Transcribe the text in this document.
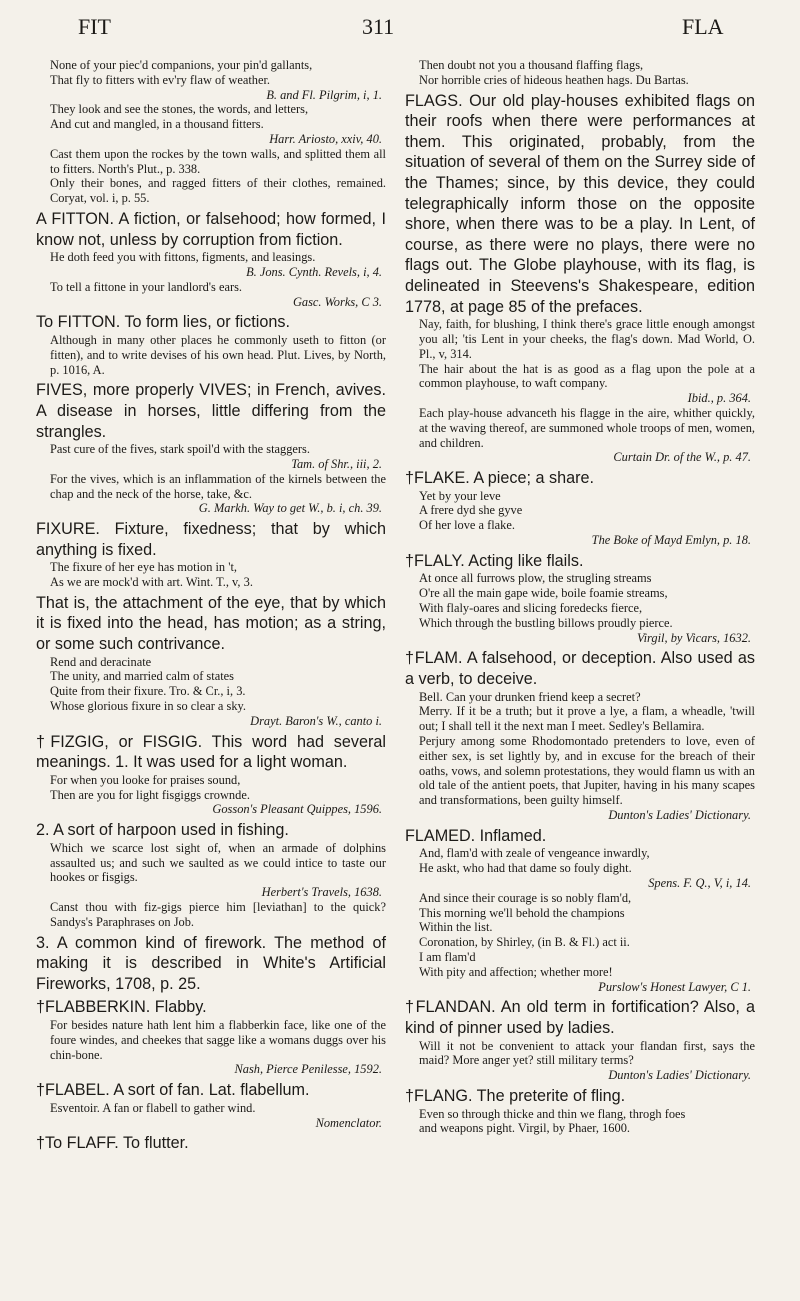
FIT	311	FLA
None of your piec'd companions, your pin'd gallants,
That fly to fitters with ev'ry flaw of weather.
B. and Fl. Pilgrim, i, 1.
They look and see the stones, the words, and letters,
And cut and mangled, in a thousand fitters.
Harr. Ariosto, xxiv, 40.
Cast them upon the rockes by the town walls, and splitted them all to fitters. North's Plut., p. 338.
Only their bones, and ragged fitters of their clothes, remained. Coryat, vol. i, p. 55.
A FITTON. A fiction, or falsehood; how formed, I know not, unless by corruption from fiction.
He doth feed you with fittons, figments, and leasings.
B. Jons. Cynth. Revels, i, 4.
To tell a fittone in your landlord's ears.
Gasc. Works, C 3.
To FITTON. To form lies, or fictions.
Although in many other places he commonly useth to fitton (or fitten), and to write devises of his own head. Plut. Lives, by North, p. 1016, A.
FIVES, more properly VIVES; in French, avives. A disease in horses, little differing from the strangles.
Past cure of the fives, stark spoil'd with the staggers.
Tam. of Shr., iii, 2.
For the vives, which is an inflammation of the kirnels between the chap and the neck of the horse, take, &c.
G. Markh. Way to get W., b. i, ch. 39.
FIXURE. Fixture, fixedness; that by which anything is fixed.
The fixure of her eye has motion in 't,
As we are mock'd with art. Wint. T., v, 3.
That is, the attachment of the eye, that by which it is fixed into the head, has motion; as a string, or some such contrivance.
Rend and deracinate
The unity, and married calm of states
Quite from their fixure. Tro. & Cr., i, 3.
Whose glorious fixure in so clear a sky.
Drayt. Baron's W., canto i.
†FIZGIG, or FISGIG. This word had several meanings. 1. It was used for a light woman.
For when you looke for praises sound,
Then are you for light fisgiggs crownde.
Gosson's Pleasant Quippes, 1596.
2. A sort of harpoon used in fishing.
Which we scarce lost sight of, when an armade of dolphins assaulted us; and such we saulted as we could intice to taste our hookes or fisgigs.
Herbert's Travels, 1638.
Canst thou with fiz-gigs pierce him [leviathan] to the quick? Sandys's Paraphrases on Job.
3. A common kind of firework. The method of making it is described in White's Artificial Fireworks, 1708, p. 25.
†FLABBERKIN. Flabby.
For besides nature hath lent him a flabberkin face, like one of the foure windes, and cheekes that sagge like a womans duggs over his chin-bone.
Nash, Pierce Penilesse, 1592.
†FLABEL. A sort of fan. Lat. flabellum.
Esventoir. A fan or flabell to gather wind.
Nomenclator.
†To FLAFF. To flutter.
Then doubt not you a thousand flaffing flags,
Nor horrible cries of hideous heathen hags. Du Bartas.
FLAGS. Our old play-houses exhibited flags on their roofs when there were performances at them. This originated, probably, from the situation of several of them on the Surrey side of the Thames; since, by this device, they could telegraphically inform those on the opposite shore, when there was to be a play. In Lent, of course, as there were no plays, there were no flags out. The Globe playhouse, with its flag, is delineated in Steevens's Shakespeare, edition 1778, at page 85 of the prefaces.
Nay, faith, for blushing, I think there's grace little enough amongst you all; 'tis Lent in your cheeks, the flag's down. Mad World, O. Pl., v, 314.
The hair about the hat is as good as a flag upon the pole at a common playhouse, to waft company.
Ibid., p. 364.
Each play-house advanceth his flagge in the aire, whither quickly, at the waving thereof, are summoned whole troops of men, women, and children.
Curtain Dr. of the W., p. 47.
†FLAKE. A piece; a share.
Yet by your leve
A frere dyd she gyve
Of her love a flake.
The Boke of Mayd Emlyn, p. 18.
†FLALY. Acting like flails.
At once all furrows plow, the strugling streams
O're all the main gape wide, boile foamie streams,
With flaly-oares and slicing foredecks fierce,
Which through the bustling billows proudly pierce.
Virgil, by Vicars, 1632.
†FLAM. A falsehood, or deception. Also used as a verb, to deceive.
Bell. Can your drunken friend keep a secret?
Merry. If it be a truth; but it prove a lye, a flam, a wheadle, 'twill out; I shall tell it the next man I meet. Sedley's Bellamira.
Perjury among some Rhodomontado pretenders to love, even of either sex, is set lightly by, and in excuse for the breach of their oaths, vows, and solemn protestations, they would flamn us with an old tale of the antient poets, that Jupiter, having in his many scapes and transformations, been guilty himself.
Dunton's Ladies' Dictionary.
FLAMED. Inflamed.
And, flam'd with zeale of vengeance inwardly,
He askt, who had that dame so fouly dight.
Spens. F. Q., V, i, 14.
And since their courage is so nobly flam'd,
This morning we'll behold the champions
Within the list.
Coronation, by Shirley, (in B. & Fl.) act ii.
I am flam'd
With pity and affection; whether more!
Purslow's Honest Lawyer, C 1.
†FLANDAN. An old term in fortification? Also, a kind of pinner used by ladies.
Will it not be convenient to attack your flandan first, says the maid? More anger yet? still military terms?
Dunton's Ladies' Dictionary.
†FLANG. The preterite of fling.
Even so through thicke and thin we flang, throgh foes
and weapons pight. Virgil, by Phaer, 1600.
